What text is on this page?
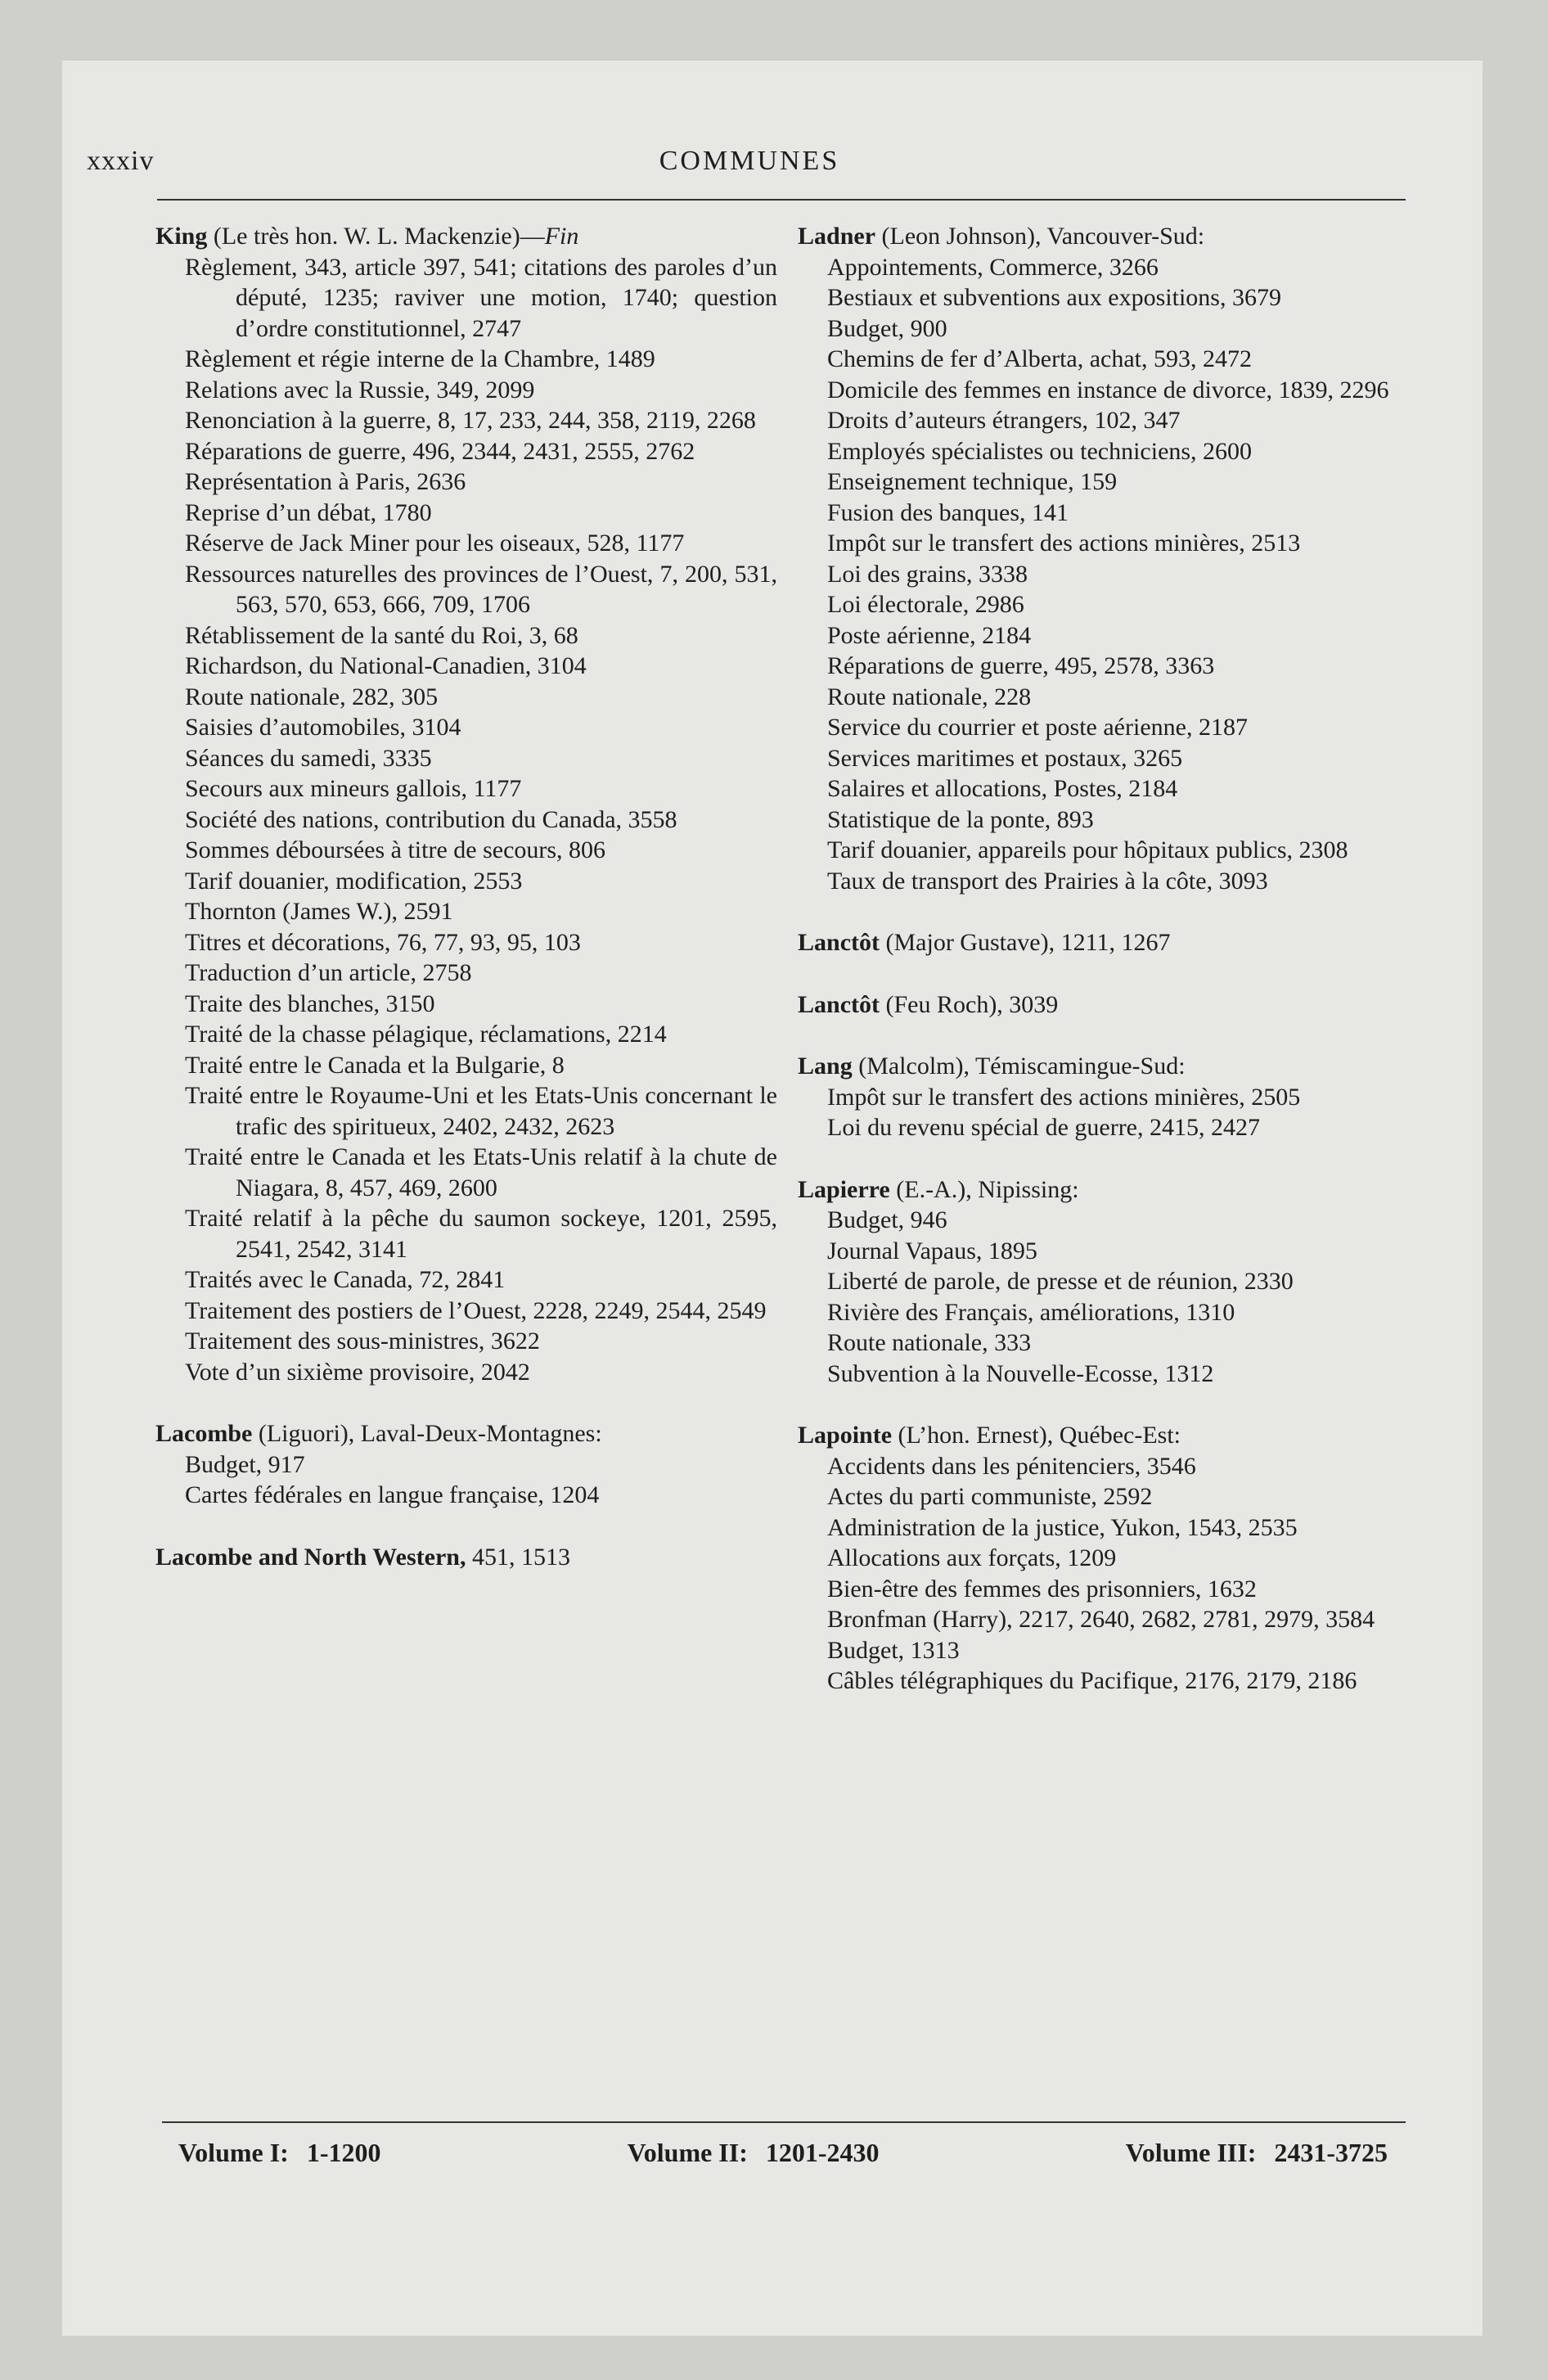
xxxiv	COMMUNES
King (Le très hon. W. L. Mackenzie)—Fin
Règlement, 343, article 397, 541; citations des paroles d’un député, 1235; raviver une motion, 1740; question d’ordre constitutionnel, 2747
Règlement et régie interne de la Chambre, 1489
Relations avec la Russie, 349, 2099
Renonciation à la guerre, 8, 17, 233, 244, 358, 2119, 2268
Réparations de guerre, 496, 2344, 2431, 2555, 2762
Représentation à Paris, 2636
Reprise d’un débat, 1780
Réserve de Jack Miner pour les oiseaux, 528, 1177
Ressources naturelles des provinces de l’Ouest, 7, 200, 531, 563, 570, 653, 666, 709, 1706
Rétablissement de la santé du Roi, 3, 68
Richardson, du National-Canadien, 3104
Route nationale, 282, 305
Saisies d’automobiles, 3104
Séances du samedi, 3335
Secours aux mineurs gallois, 1177
Société des nations, contribution du Canada, 3558
Sommes déboursées à titre de secours, 806
Tarif douanier, modification, 2553
Thornton (James W.), 2591
Titres et décorations, 76, 77, 93, 95, 103
Traduction d’un article, 2758
Traite des blanches, 3150
Traité de la chasse pélagique, réclamations, 2214
Traité entre le Canada et la Bulgarie, 8
Traité entre le Royaume-Uni et les Etats-Unis concernant le trafic des spiritueux, 2402, 2432, 2623
Traité entre le Canada et les Etats-Unis relatif à la chute de Niagara, 8, 457, 469, 2600
Traité relatif à la pêche du saumon sockeye, 1201, 2595, 2541, 2542, 3141
Traités avec le Canada, 72, 2841
Traitement des postiers de l’Ouest, 2228, 2249, 2544, 2549
Traitement des sous-ministres, 3622
Vote d’un sixième provisoire, 2042
Lacombe (Liguori), Laval-Deux-Montagnes:
Budget, 917
Cartes fédérales en langue française, 1204
Lacombe and North Western, 451, 1513
Ladner (Leon Johnson), Vancouver-Sud:
Appointements, Commerce, 3266
Bestiaux et subventions aux expositions, 3679
Budget, 900
Chemins de fer d’Alberta, achat, 593, 2472
Domicile des femmes en instance de divorce, 1839, 2296
Droits d’auteurs étrangers, 102, 347
Employés spécialistes ou techniciens, 2600
Enseignement technique, 159
Fusion des banques, 141
Impôt sur le transfert des actions minières, 2513
Loi des grains, 3338
Loi électorale, 2986
Poste aérienne, 2184
Réparations de guerre, 495, 2578, 3363
Route nationale, 228
Service du courrier et poste aérienne, 2187
Services maritimes et postaux, 3265
Salaires et allocations, Postes, 2184
Statistique de la ponte, 893
Tarif douanier, appareils pour hôpitaux publics, 2308
Taux de transport des Prairies à la côte, 3093
Lanctôt (Major Gustave), 1211, 1267
Lanctôt (Feu Roch), 3039
Lang (Malcolm), Témiscamingue-Sud:
Impôt sur le transfert des actions minières, 2505
Loi du revenu spécial de guerre, 2415, 2427
Lapierre (E.-A.), Nipissing:
Budget, 946
Journal Vapaus, 1895
Liberté de parole, de presse et de réunion, 2330
Rivière des Français, améliorations, 1310
Route nationale, 333
Subvention à la Nouvelle-Ecosse, 1312
Lapointe (L’hon. Ernest), Québec-Est:
Accidents dans les pénitenciers, 3546
Actes du parti communiste, 2592
Administration de la justice, Yukon, 1543, 2535
Allocations aux forçats, 1209
Bien-être des femmes des prisonniers, 1632
Bronfman (Harry), 2217, 2640, 2682, 2781, 2979, 3584
Budget, 1313
Câbles télégraphiques du Pacifique, 2176, 2179, 2186
Volume I: 1-1200	Volume II: 1201-2430	Volume III: 2431-3725
